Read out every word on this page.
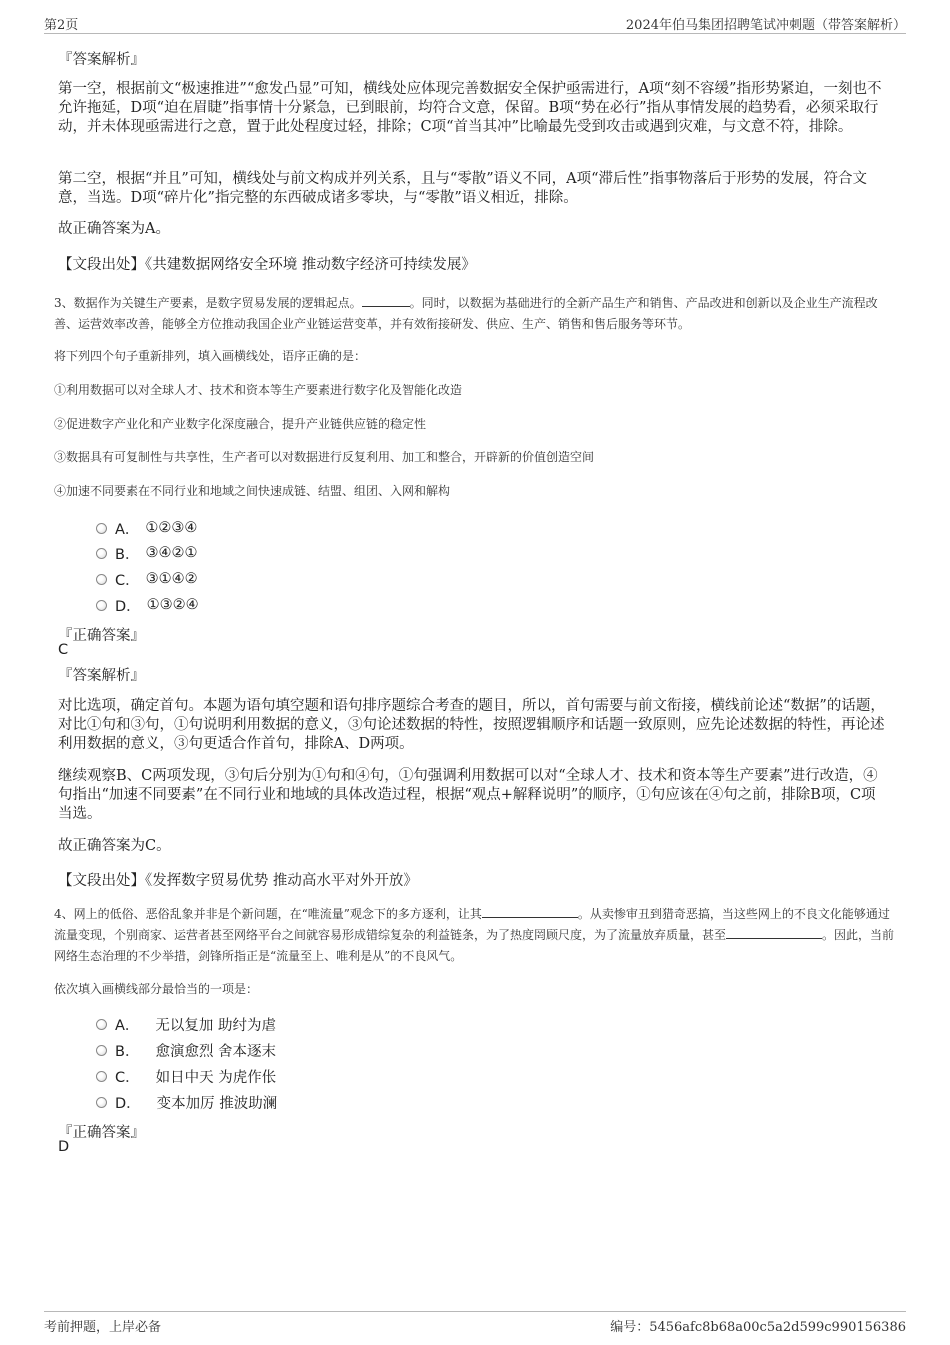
第2页	2024年伯马集团招聘笔试冲刺题（带答案解析）
『答案解析』
第一空，根据前文“极速推进”“愈发凸显”可知，横线处应体现完善数据安全保护亟需进行，A项“刻不容缓”指形势紧迫，一刻也不允许拖延，D项“迫在眉睫”指事情十分紧急，已到眼前，均符合文意，保留。B项“势在必行”指从事情发展的趋势看，必须采取行动，并未体现亟需进行之意，置于此处程度过轻，排除；C项“首当其冲”比喻最先受到攻击或遇到灾难，与文意不符，排除。
第二空，根据“并且”可知，横线处与前文构成并列关系，且与“零散”语义不同，A项“滞后性”指事物落后于形势的发展，符合文意，当选。D项“碎片化”指完整的东西破成诸多零块，与“零散”语义相近，排除。
故正确答案为A。
【文段出处】《共建数据网络安全环境 推动数字经济可持续发展》
3、数据作为关键生产要素，是数字贸易发展的逻辑起点。	。同时，以数据为基础进行的全新产品生产和销售、产品改进和创新以及企业生产流程改善、运营效率改善，能够全方位推动我国企业产业链运营变革，并有效衔接研发、供应、生产、销售和售后服务等环节。
将下列四个句子重新排列，填入画横线处，语序正确的是：
①利用数据可以对全球人才、技术和资本等生产要素进行数字化及智能化改造
②促进数字产业化和产业数字化深度融合，提升产业链供应链的稳定性
③数据具有可复制性与共享性，生产者可以对数据进行反复利用、加工和整合，开辟新的价值创造空间
④加速不同要素在不同行业和地域之间快速成链、结盟、组团、入网和解构
A． ①②③④
B． ③④②①
C． ③①④②
D． ①③②④
『正确答案』
C
『答案解析』
对比选项，确定首句。本题为语句填空题和语句排序题综合考查的题目，所以，首句需要与前文衔接，横线前论述“数据”的话题，对比①句和③句，①句说明利用数据的意义，③句论述数据的特性，按照逻辑顺序和话题一致原则，应先论述数据的特性，再论述利用数据的意义，③句更适合作首句，排除A、D两项。
继续观察B、C两项发现，③句后分别为①句和④句，①句强调利用数据可以对“全球人才、技术和资本等生产要素”进行改造，④句指出“加速不同要素”在不同行业和地域的具体改造过程，根据“观点+解释说明”的顺序，①句应该在④句之前，排除B项，C项当选。
故正确答案为C。
【文段出处】《发挥数字贸易优势 推动高水平对外开放》
4、网上的低俗、恶俗乱象并非是个新问题，在“唯流量”观念下的多方逐利，让其	。从卖惨审丑到猎奇恶搞，当这些网上的不良文化能够通过流量变现，个别商家、运营者甚至网络平台之间就容易形成错综复杂的利益链条，为了热度罔顾尺度，为了流量放弃质量，甚至	。因此，当前网络生态治理的不少举措，剑锋所指正是“流量至上、唯利是从”的不良风气。
依次填入画横线部分最恰当的一项是：
A． 无以复加 助纣为虐
B． 愈演愈烈 舍本逐末
C． 如日中天 为虎作伥
D． 变本加厉 推波助澜
『正确答案』
D
考前押题，上岸必备	编号：5456afc8b68a00c5a2d599c990156386
